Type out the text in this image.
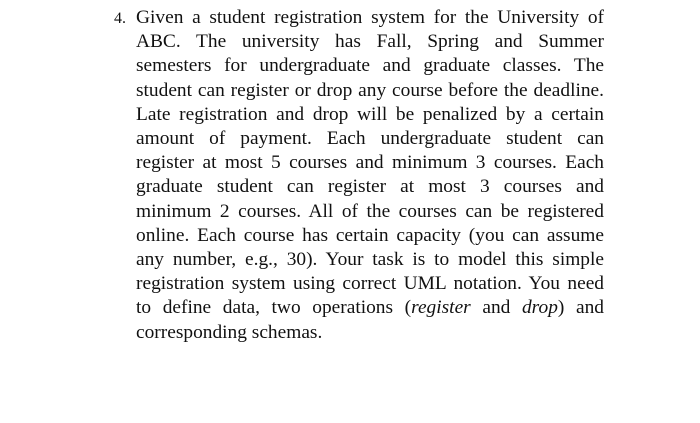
4. Given a student registration system for the University of ABC. The university has Fall, Spring and Summer semesters for undergraduate and graduate classes. The student can register or drop any course before the deadline. Late registration and drop will be penalized by a certain amount of payment. Each undergraduate student can register at most 5 courses and minimum 3 courses. Each graduate student can register at most 3 courses and minimum 2 courses. All of the courses can be registered online. Each course has certain capacity (you can assume any number, e.g., 30). Your task is to model this simple registration system using correct UML notation. You need to define data, two operations (register and drop) and corresponding schemas.
